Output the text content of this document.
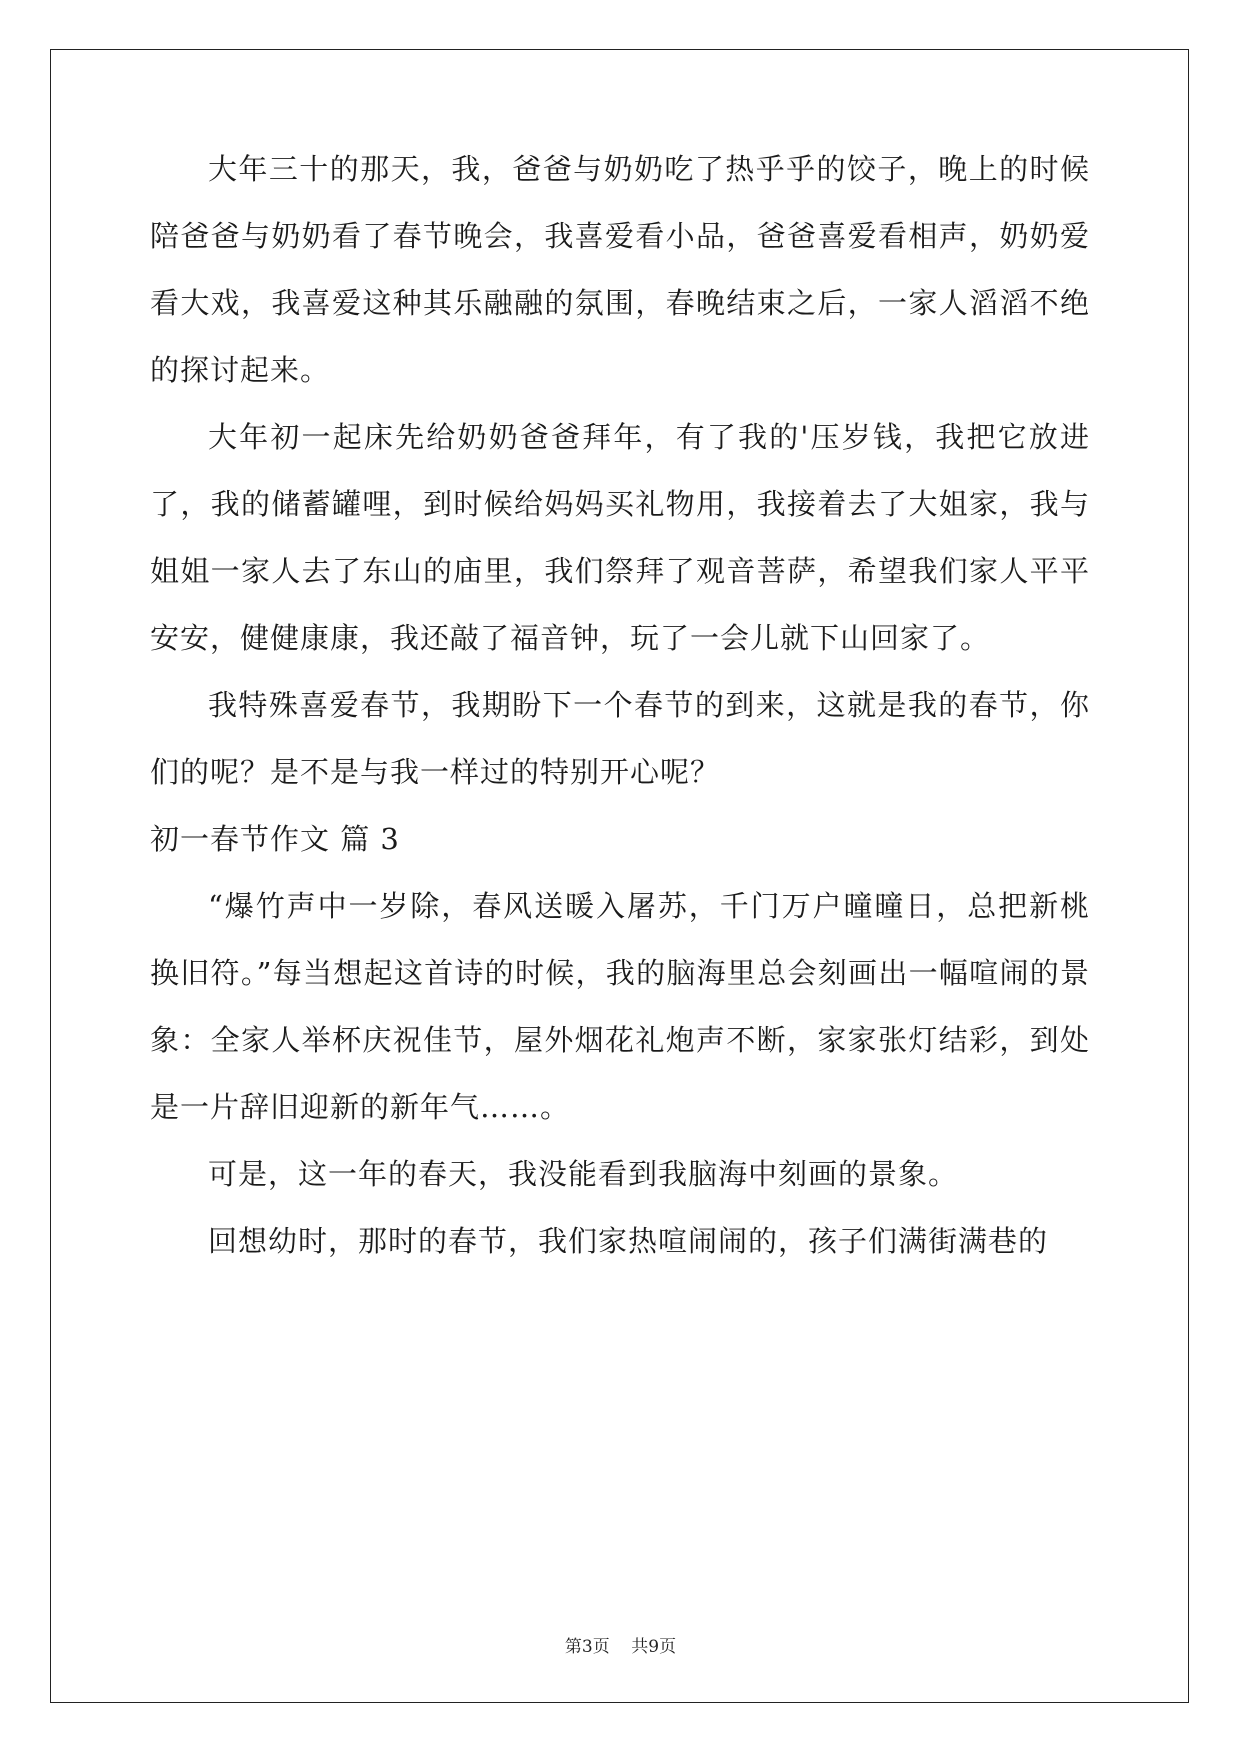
大年三十的那天，我，爸爸与奶奶吃了热乎乎的饺子，晚上的时候陪爸爸与奶奶看了春节晚会，我喜爱看小品，爸爸喜爱看相声，奶奶爱看大戏，我喜爱这种其乐融融的氛围，春晚结束之后，一家人滔滔不绝的探讨起来。

大年初一起床先给奶奶爸爸拜年，有了我的'压岁钱，我把它放进了，我的储蓄罐哩，到时候给妈妈买礼物用，我接着去了大姐家，我与姐姐一家人去了东山的庙里，我们祭拜了观音菩萨，希望我们家人平平安安，健健康康，我还敲了福音钟，玩了一会儿就下山回家了。

我特殊喜爱春节，我期盼下一个春节的到来，这就是我的春节，你们的呢？是不是与我一样过的特别开心呢？

初一春节作文 篇 3

“爆竹声中一岁除，春风送暖入屠苏，千门万户曈曈日，总把新桃换旧符。”每当想起这首诗的时候，我的脑海里总会刻画出一幅喧闹的景象：全家人举杯庆祝佳节，屋外烟花礼炮声不断，家家张灯结彩，到处是一片辞旧迎新的新年气……。

可是，这一年的春天，我没能看到我脑海中刻画的景象。

回想幼时，那时的春节，我们家热喧闹闹的，孩子们满街满巷的

第3页    共9页
